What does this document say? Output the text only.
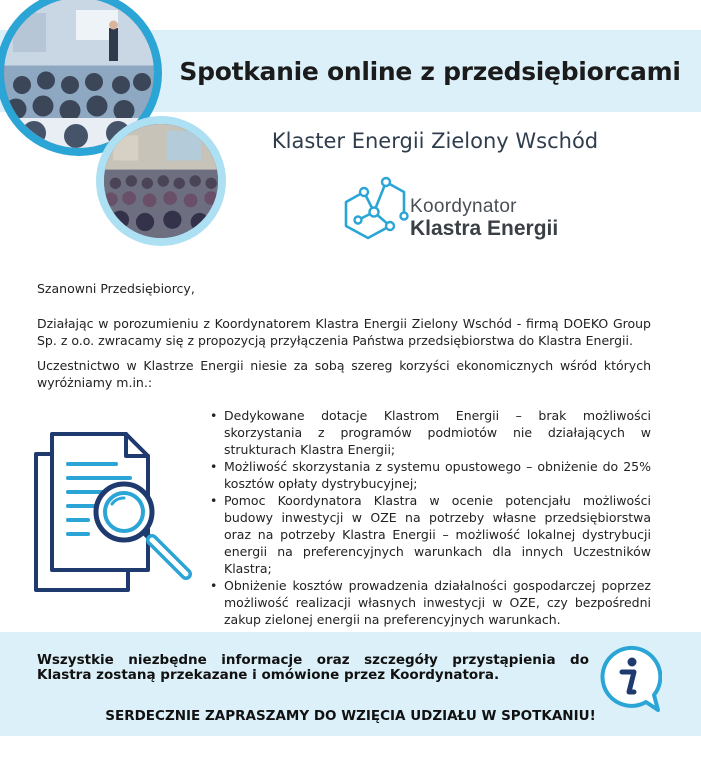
Spotkanie online z przedsiębiorcami
Klaster Energii Zielony Wschód
Koordynator
Klastra Energii
Szanowni Przedsiębiorcy,
Działając w porozumieniu z Koordynatorem Klastra Energii Zielony Wschód - firmą DOEKO Group Sp. z o.o. zwracamy się z propozycją przyłączenia Państwa przedsiębiorstwa do Klastra Energii.
Uczestnictwo w Klastrze Energii niesie za sobą szereg korzyści ekonomicznych wśród których wyróżniamy m.in.:
• Dedykowane dotacje Klastrom Energii – brak możliwości skorzystania z programów podmiotów nie działających w strukturach Klastra Energii;
• Możliwość skorzystania z systemu opustowego – obniżenie do 25% kosztów opłaty dystrybucyjnej;
• Pomoc Koordynatora Klastra w ocenie potencjału możliwości budowy inwestycji w OZE na potrzeby własne przedsiębiorstwa oraz na potrzeby Klastra Energii – możliwość lokalnej dystrybucji energii na preferencyjnych warunkach dla innych Uczestników Klastra;
• Obniżenie kosztów prowadzenia działalności gospodarczej poprzez możliwość realizacji własnych inwestycji w OZE, czy bezpośredni zakup zielonej energii na preferencyjnych warunkach.
Wszystkie niezbędne informacje oraz szczegóły przystąpienia do Klastra zostaną przekazane i omówione przez Koordynatora.
SERDECZNIE ZAPRASZAMY DO WZIĘCIA UDZIAŁU W SPOTKANIU!
